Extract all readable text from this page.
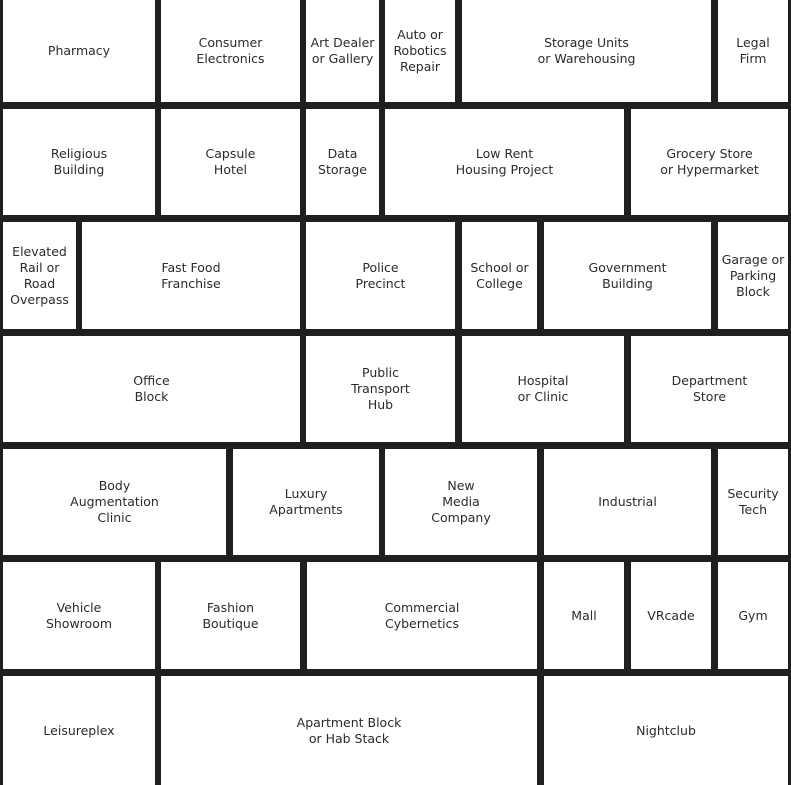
Pharmacy
Consumer
Electronics
Art Dealer
or Gallery
Auto or
Robotics
Repair
Storage Units
or Warehousing
Legal
Firm
Religious
Building
Capsule
Hotel
Data
Storage
Low Rent
Housing Project
Grocery Store
or Hypermarket
Elevated
Rail or
Road
Overpass
Fast Food
Franchise
Police
Precinct
School or
College
Government
Building
Garage or
Parking
Block
Office
Block
Public
Transport
Hub
Hospital
or Clinic
Department
Store
Body
Augmentation
Clinic
Luxury
Apartments
New
Media
Company
Industrial
Security
Tech
Vehicle
Showroom
Fashion
Boutique
Commercial
Cybernetics
Mall	VRcade	Gym
Leisureplex
Apartment Block
or Hab Stack
Nightclub
